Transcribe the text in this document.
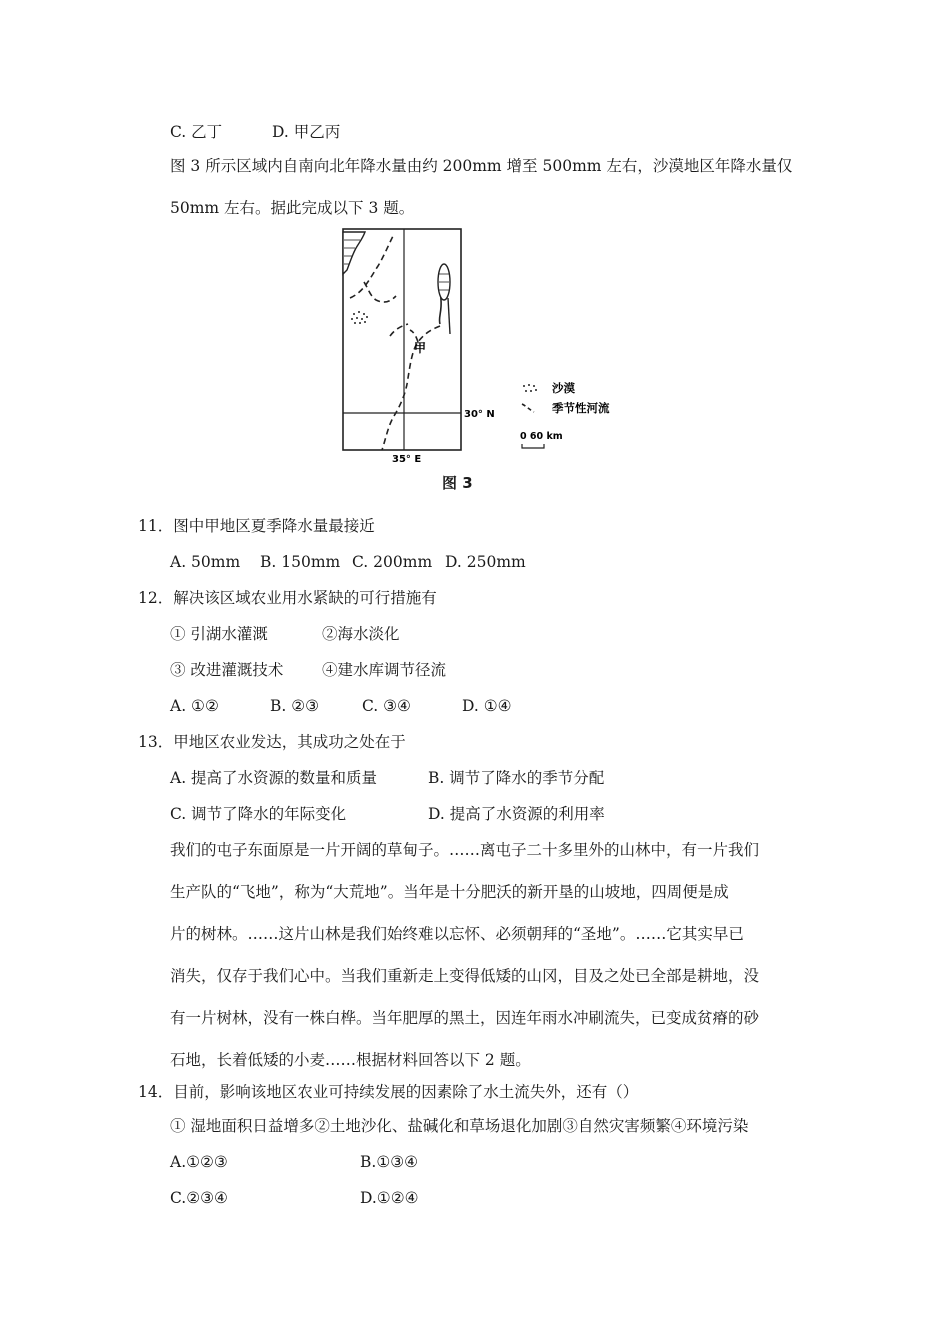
C. 乙丁	D. 甲乙丙
图 3 所示区域内自南向北年降水量由约 200mm 增至 500mm 左右，沙漠地区年降水量仅
50mm 左右。据此完成以下 3 题。
甲
30° N
35° E
沙漠
季节性河流
0 60 km
图 3
11．图中甲地区夏季降水量最接近
A. 50mm B. 150mm C. 200mm D. 250mm
12．解决该区域农业用水紧缺的可行措施有
① 引湖水灌溉	②海水淡化
③ 改进灌溉技术 ④建水库调节径流
A. ①②	B. ②③	C. ③④	D. ①④
13．甲地区农业发达，其成功之处在于
A. 提高了水资源的数量和质量	B. 调节了降水的季节分配
C. 调节了降水的年际变化	D. 提高了水资源的利用率
我们的屯子东面原是一片开阔的草甸子。……离屯子二十多里外的山林中，有一片我们
生产队的“飞地”，称为“大荒地”。当年是十分肥沃的新开垦的山坡地，四周便是成
片的树林。……这片山林是我们始终难以忘怀、必须朝拜的“圣地”。……它其实早已
消失，仅存于我们心中。当我们重新走上变得低矮的山冈，目及之处已全部是耕地，没
有一片树林，没有一株白桦。当年肥厚的黑土，因连年雨水冲刷流失，已变成贫瘠的砂
石地，长着低矮的小麦……根据材料回答以下 2 题。
14．目前，影响该地区农业可持续发展的因素除了水土流失外，还有（）
① 湿地面积日益增多②土地沙化、盐碱化和草场退化加剧③自然灾害频繁④环境污染
A.①②③	B.①③④
C.②③④	D.①②④
